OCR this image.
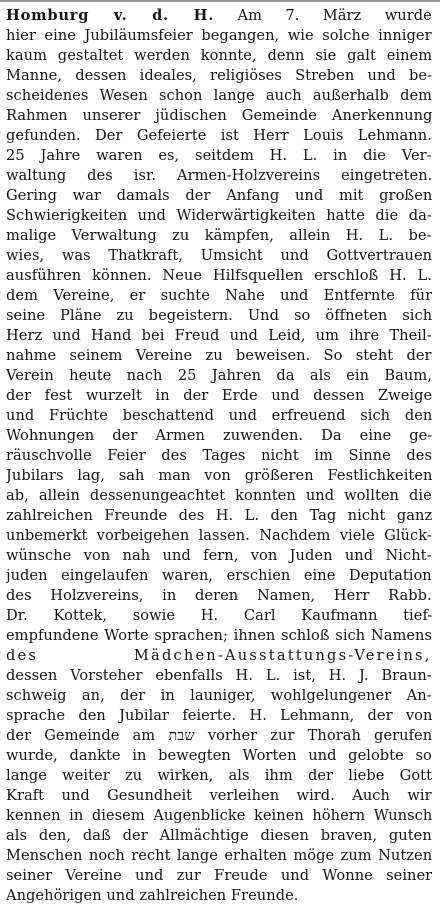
Homburg v. d. H. Am 7. März wurde
hier eine Jubiläumsfeier begangen, wie solche inniger
kaum gestaltet werden konnte, denn sie galt einem
Manne, dessen ideales, religiöses Streben und be-
scheidenes Wesen schon lange auch außerhalb dem
Rahmen unserer jüdischen Gemeinde Anerkennung
gefunden. Der Gefeierte ist Herr Louis Lehmann.
25 Jahre waren es, seitdem H. L. in die Ver-
waltung des isr. Armen-Holzvereins eingetreten.
Gering war damals der Anfang und mit großen
Schwierigkeiten und Widerwärtigkeiten hatte die da-
malige Verwaltung zu kämpfen, allein H. L. be-
wies, was Thatkraft, Umsicht und Gottvertrauen
ausführen können. Neue Hilfsquellen erschloß H. L.
dem Vereine, er suchte Nahe und Entfernte für
seine Pläne zu begeistern. Und so öffneten sich
Herz und Hand bei Freud und Leid, um ihre Theil-
nahme seinem Vereine zu beweisen. So steht der
Verein heute nach 25 Jahren da als ein Baum,
der fest wurzelt in der Erde und dessen Zweige
und Früchte beschattend und erfreuend sich den
Wohnungen der Armen zuwenden. Da eine ge-
räuschvolle Feier des Tages nicht im Sinne des
Jubilars lag, sah man von größeren Festlichkeiten
ab, allein dessenungeachtet konnten und wollten die
zahlreichen Freunde des H. L. den Tag nicht ganz
unbemerkt vorbeigehen lassen. Nachdem viele Glück-
wünsche von nah und fern, von Juden und Nicht-
juden eingelaufen waren, erschien eine Deputation
des Holzvereins, in deren Namen, Herr Rabb.
Dr. Kottek, sowie H. Carl Kaufmann tief-
empfundene Worte sprachen; ihnen schloß sich Namens
des Mädchen-Ausstattungs-Vereins,
dessen Vorsteher ebenfalls H. L. ist, H. J. Braun-
schweig an, der in launiger, wohlgelungener An-
sprache den Jubilar feierte. H. Lehmann, der von
der Gemeinde am שבת vorher zur Thorah gerufen
wurde, dankte in bewegten Worten und gelobte so
lange weiter zu wirken, als ihm der liebe Gott
Kraft und Gesundheit verleihen wird. Auch wir
kennen in diesem Augenblicke keinen höhern Wunsch
als den, daß der Allmächtige diesen braven, guten
Menschen noch recht lange erhalten möge zum Nutzen
seiner Vereine und zur Freude und Wonne seiner
Angehörigen und zahlreichen Freunde.
